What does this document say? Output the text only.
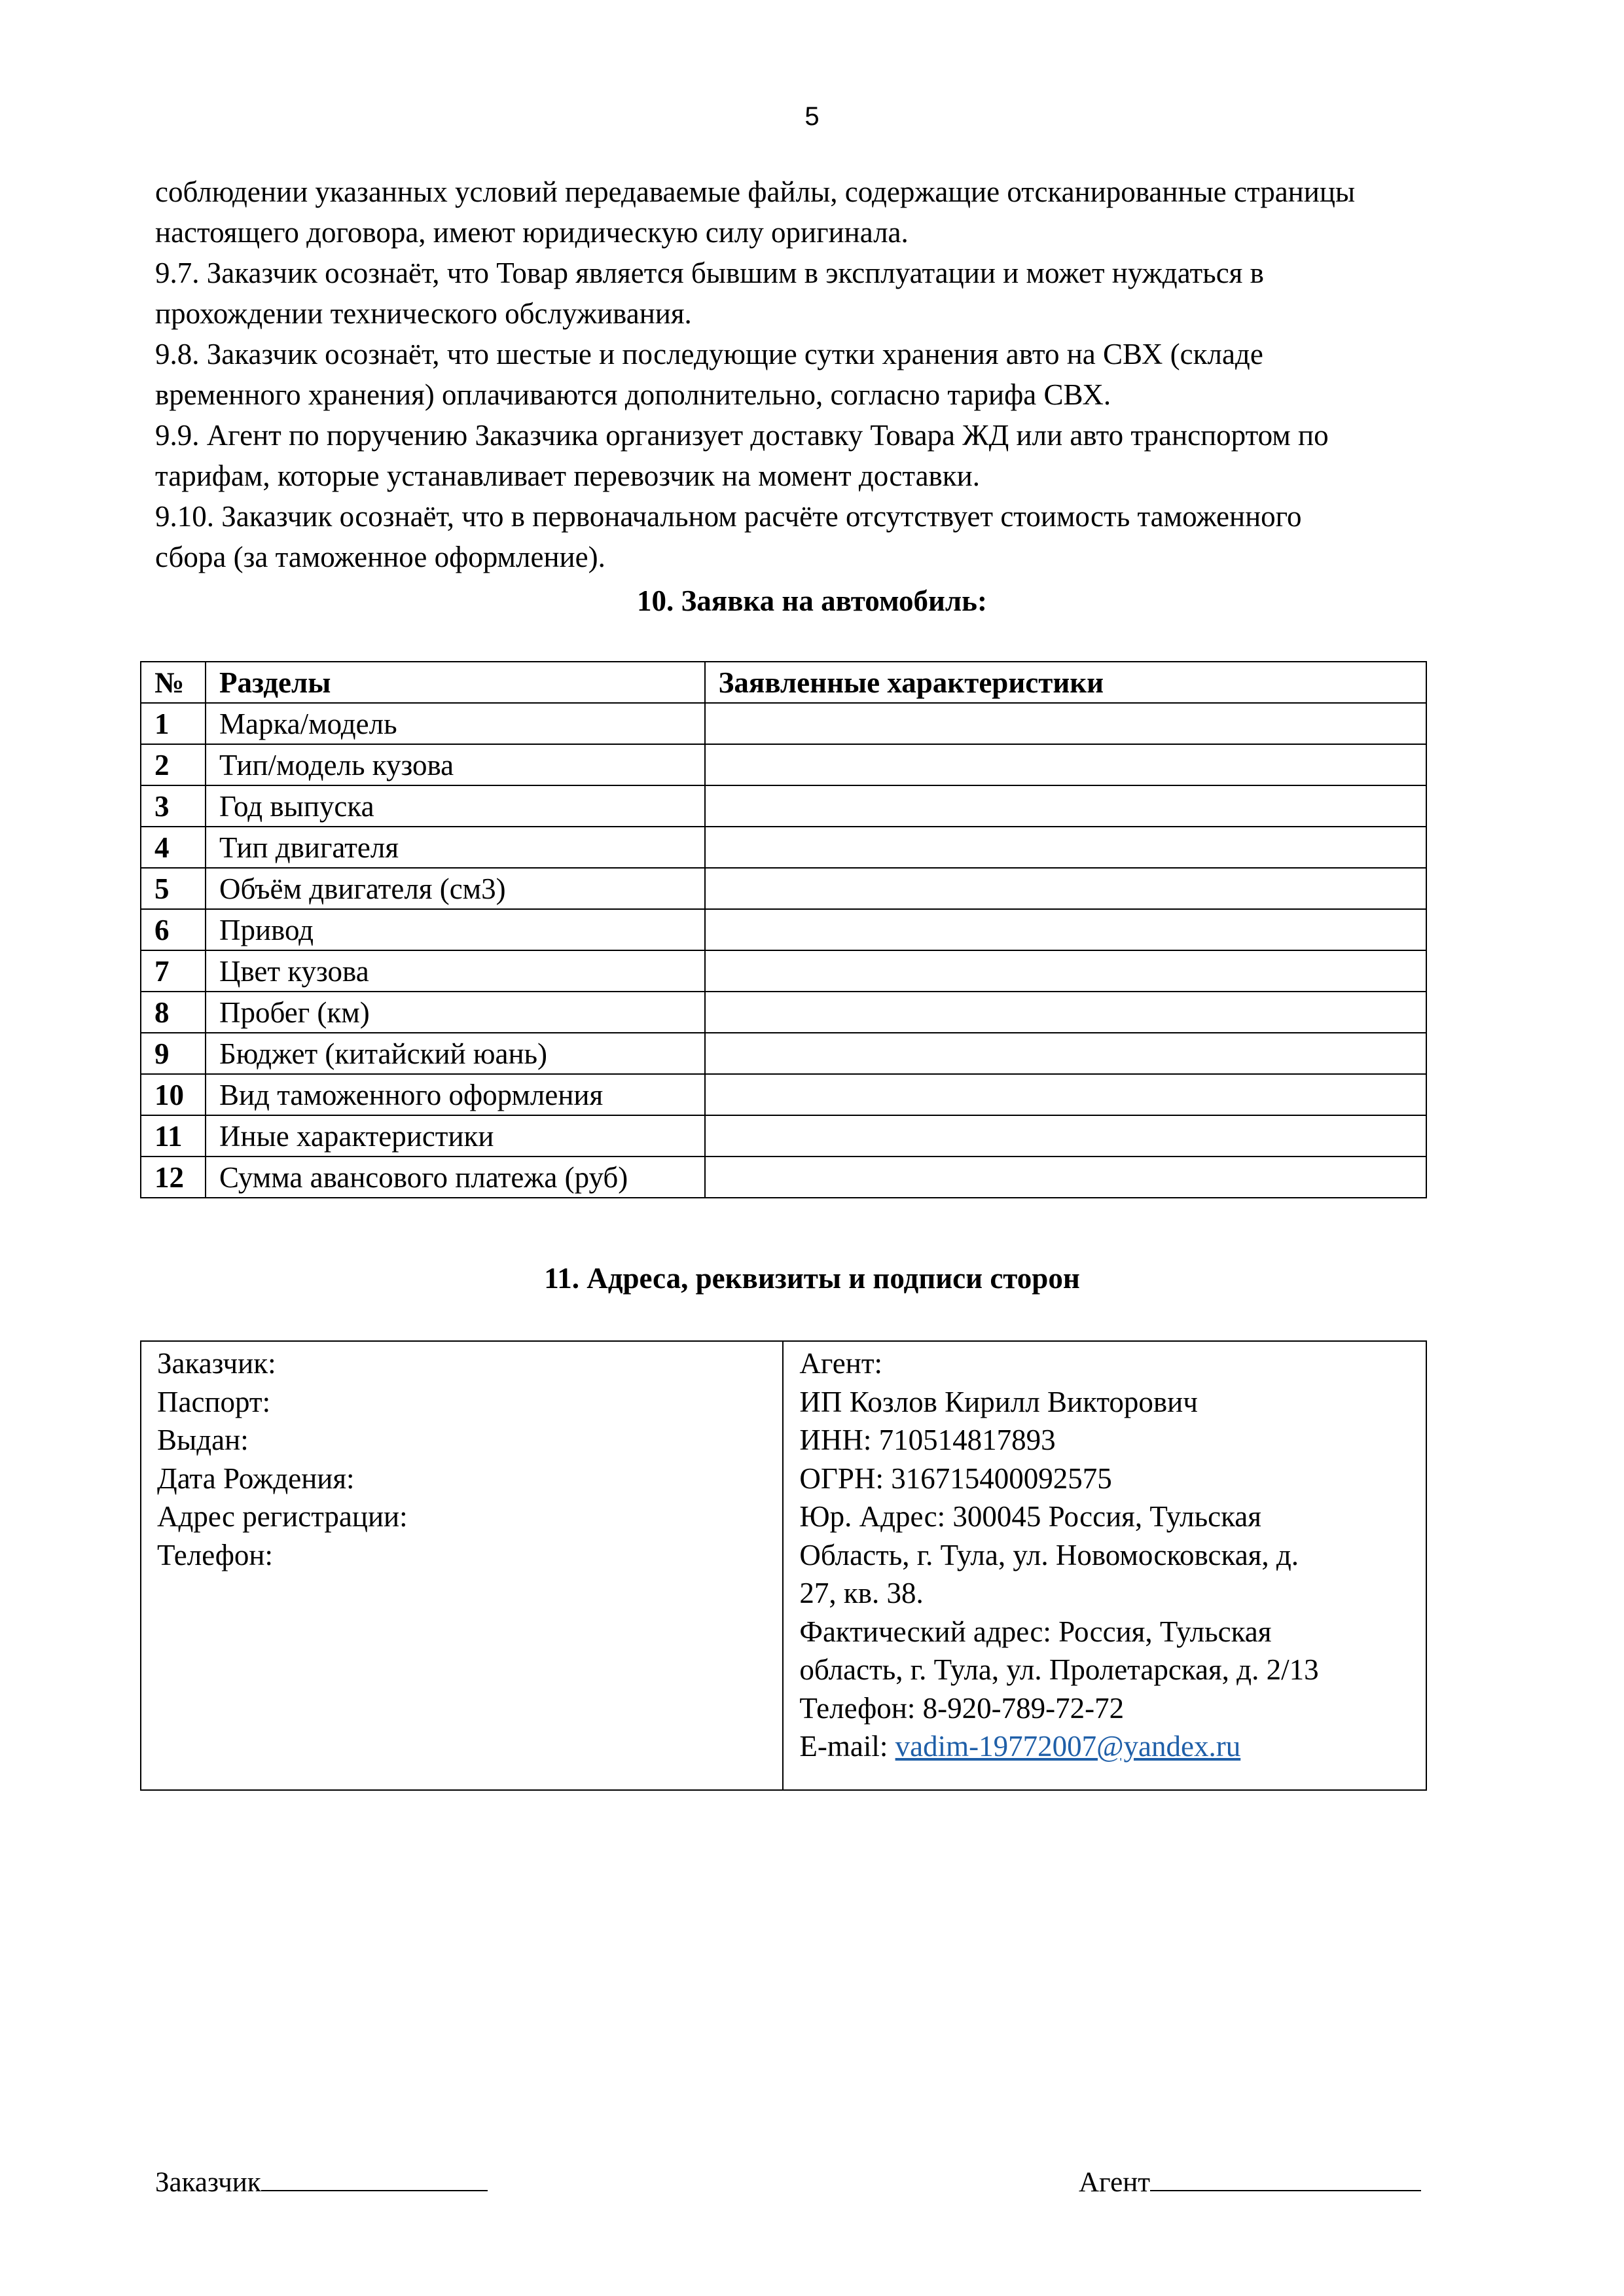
5
соблюдении указанных условий передаваемые файлы, содержащие отсканированные страницы
настоящего договора, имеют юридическую силу оригинала.
9.7. Заказчик осознаёт, что Товар является бывшим в эксплуатации и может нуждаться в
прохождении технического обслуживания.
9.8. Заказчик осознаёт, что шестые и последующие сутки хранения авто на СВХ (складе
временного хранения) оплачиваются дополнительно, согласно тарифа СВХ.
9.9. Агент по поручению Заказчика организует доставку Товара ЖД или авто транспортом по
тарифам, которые устанавливает перевозчик на момент доставки.
9.10. Заказчик осознаёт, что в первоначальном расчёте отсутствует стоимость таможенного
сбора (за таможенное оформление).
10. Заявка на автомобиль:
№	Разделы	Заявленные характеристики
1	Марка/модель	
2	Тип/модель кузова	
3	Год выпуска	
4	Тип двигателя	
5	Объём двигателя (см3)	
6	Привод	
7	Цвет кузова	
8	Пробег (км)	
9	Бюджет (китайский юань)	
10	Вид таможенного оформления	
11	Иные характеристики	
12	Сумма авансового платежа (руб)	
11. Адреса, реквизиты и подписи сторон
Заказчик:
Паспорт:
Выдан:
Дата Рождения:
Адрес регистрации:
Телефон:

Агент:
ИП Козлов Кирилл Викторович
ИНН: 710514817893
ОГРН: 316715400092575
Юр. Адрес: 300045 Россия, Тульская
Область, г. Тула, ул. Новомосковская, д.
27, кв. 38.
Фактический адрес: Россия, Тульская
область, г. Тула, ул. Пролетарская, д. 2/13
Телефон: 8-920-789-72-72
E-mail: vadim-19772007@yandex.ru
Заказчик	Агент
